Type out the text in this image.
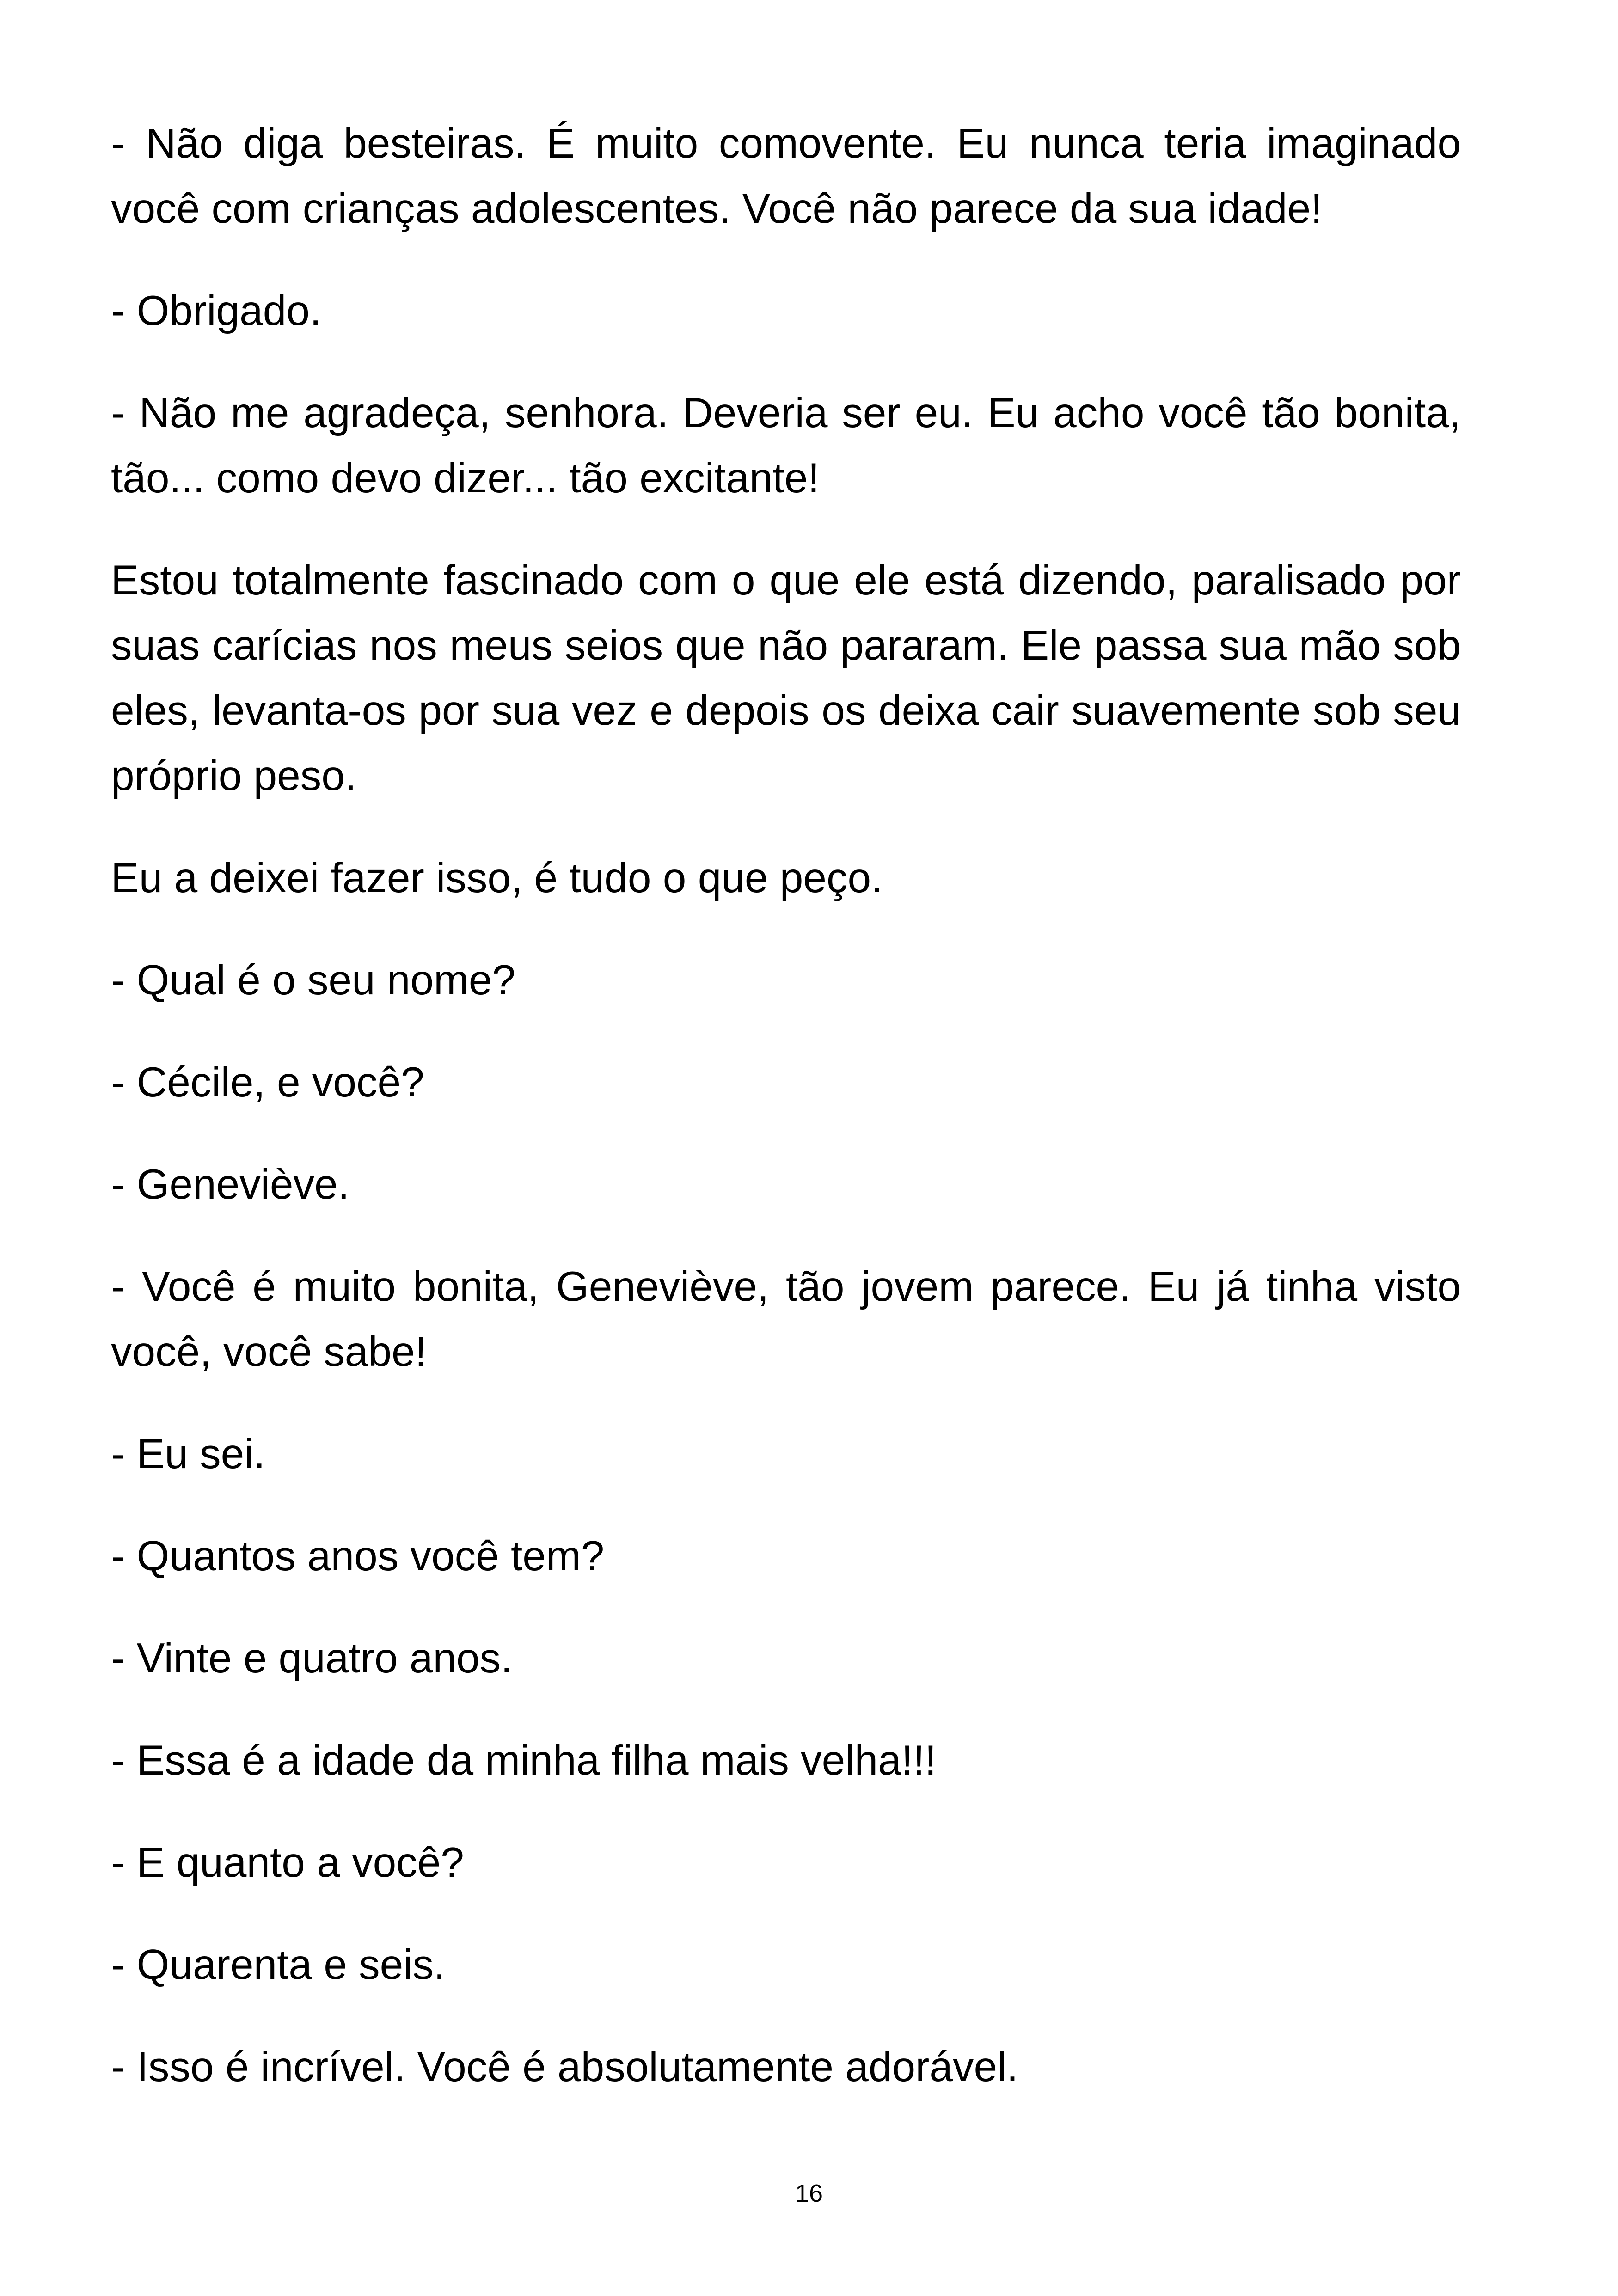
- Não diga besteiras. É muito comovente. Eu nunca teria imaginado você com crianças adolescentes. Você não parece da sua idade!

- Obrigado.

- Não me agradeça, senhora. Deveria ser eu. Eu acho você tão bonita, tão... como devo dizer... tão excitante!

Estou totalmente fascinado com o que ele está dizendo, paralisado por suas carícias nos meus seios que não pararam. Ele passa sua mão sob eles, levanta-os por sua vez e depois os deixa cair suavemente sob seu próprio peso.

Eu a deixei fazer isso, é tudo o que peço.

- Qual é o seu nome?

- Cécile, e você?

- Geneviève.

- Você é muito bonita, Geneviève, tão jovem parece. Eu já tinha visto você, você sabe!

- Eu sei.

- Quantos anos você tem?

- Vinte e quatro anos.

- Essa é a idade da minha filha mais velha!!!

- E quanto a você?

- Quarenta e seis.

- Isso é incrível. Você é absolutamente adorável.

16
